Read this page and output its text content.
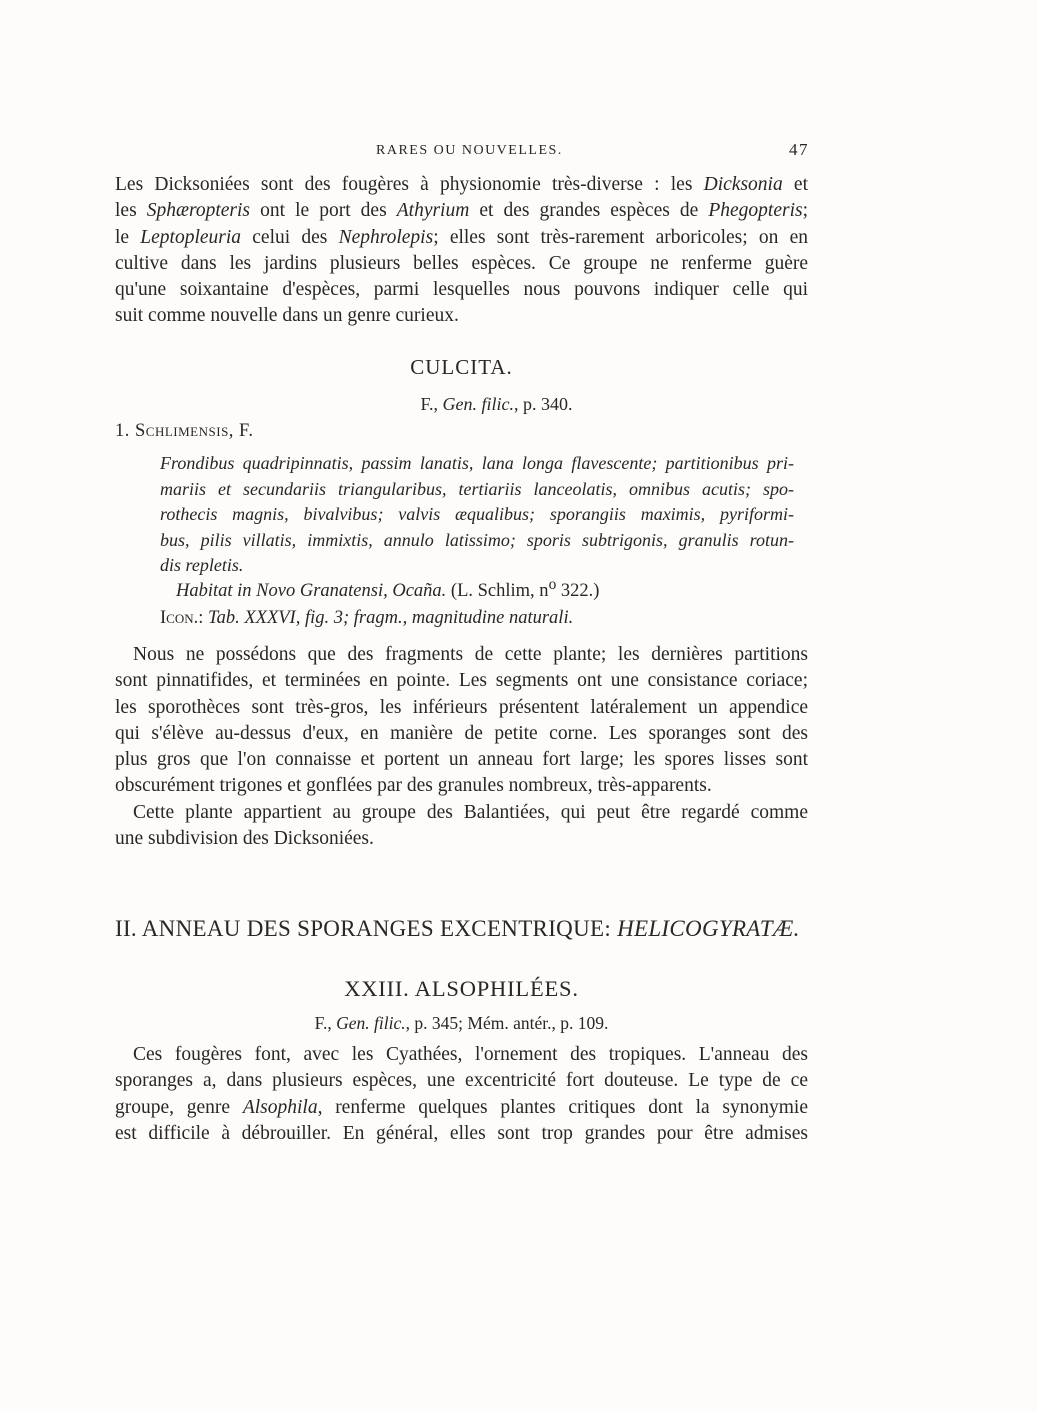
RARES OU NOUVELLES.	47
Les Dicksoniées sont des fougères à physionomie très-diverse : les Dicksonia et
les Sphæropteris ont le port des Athyrium et des grandes espèces de Phegopteris;
le Leptopleuria celui des Nephrolepis; elles sont très-rarement arboricoles; on en
cultive dans les jardins plusieurs belles espèces. Ce groupe ne renferme guère
qu'une soixantaine d'espèces, parmi lesquelles nous pouvons indiquer celle qui
suit comme nouvelle dans un genre curieux.
CULCITA.
F., Gen. filic., p. 340.
1. Schlimensis, F.
Frondibus quadripinnatis, passim lanatis, lana longa flavescente; partitionibus pri-
mariis et secundariis triangularibus, tertiariis lanceolatis, omnibus acutis; spo-
rothecis magnis, bivalvibus; valvis æqualibus; sporangiis maximis, pyriformi-
bus, pilis villatis, immixtis, annulo latissimo; sporis subtrigonis, granulis rotun-
dis repletis.
Habitat in Novo Granatensi, Ocaña. (L. Schlim, $n^o$ 322.)
Icon.: Tab. XXXVI, fig. 3; fragm., magnitudine naturali.
Nous ne possédons que des fragments de cette plante; les dernières partitions
sont pinnatifides, et terminées en pointe. Les segments ont une consistance coriace;
les sporothèces sont très-gros, les inférieurs présentent latéralement un appendice
qui s'élève au-dessus d'eux, en manière de petite corne. Les sporanges sont des
plus gros que l'on connaisse et portent un anneau fort large; les spores lisses sont
obscurément trigones et gonflées par des granules nombreux, très-apparents.
Cette plante appartient au groupe des Balantiées, qui peut être regardé comme
une subdivision des Dicksoniées.
II. ANNEAU DES SPORANGES EXCENTRIQUE: HELICOGYRATÆ.
XXIII. ALSOPHILÉES.
F., Gen. filic., p. 345; Mém. antér., p. 109.
Ces fougères font, avec les Cyathées, l'ornement des tropiques. L'anneau des
sporanges a, dans plusieurs espèces, une excentricité fort douteuse. Le type de ce
groupe, genre Alsophila, renferme quelques plantes critiques dont la synonymie
est difficile à débrouiller. En général, elles sont trop grandes pour être admises
